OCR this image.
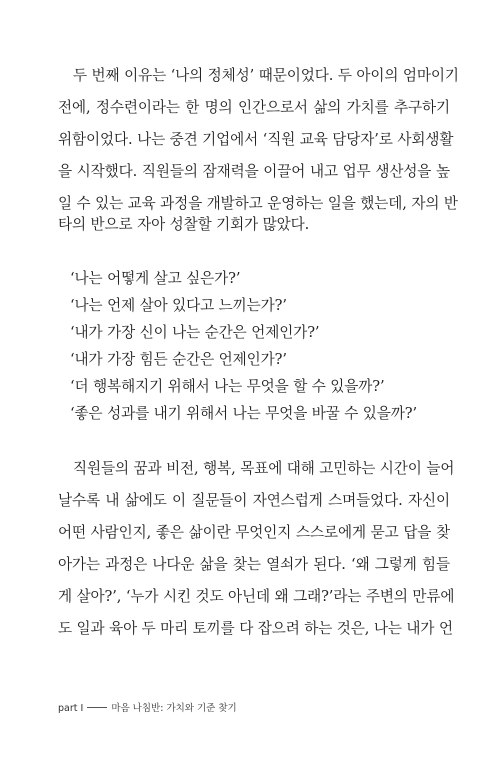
두 번째 이유는 ‘나의 정체성’ 때문이었다. 두 아이의 엄마이기
전에, 정수련이라는 한 명의 인간으로서 삶의 가치를 추구하기
위함이었다. 나는 중견 기업에서 ‘직원 교육 담당자’로 사회생활
을 시작했다. 직원들의 잠재력을 이끌어 내고 업무 생산성을 높
일 수 있는 교육 과정을 개발하고 운영하는 일을 했는데, 자의 반
타의 반으로 자아 성찰할 기회가 많았다.
‘나는 어떻게 살고 싶은가?’
‘나는 언제 살아 있다고 느끼는가?’
‘내가 가장 신이 나는 순간은 언제인가?’
‘내가 가장 힘든 순간은 언제인가?’
‘더 행복해지기 위해서 나는 무엇을 할 수 있을까?’
‘좋은 성과를 내기 위해서 나는 무엇을 바꿀 수 있을까?’
직원들의 꿈과 비전, 행복, 목표에 대해 고민하는 시간이 늘어
날수록 내 삶에도 이 질문들이 자연스럽게 스며들었다. 자신이
어떤 사람인지, 좋은 삶이란 무엇인지 스스로에게 묻고 답을 찾
아가는 과정은 나다운 삶을 찾는 열쇠가 된다. ‘왜 그렇게 힘들
게 살아?’, ‘누가 시킨 것도 아닌데 왜 그래?’라는 주변의 만류에
도 일과 육아 두 마리 토끼를 다 잡으려 하는 것은, 나는 내가 언
part I	마음 나침반: 가치와 기준 찾기
